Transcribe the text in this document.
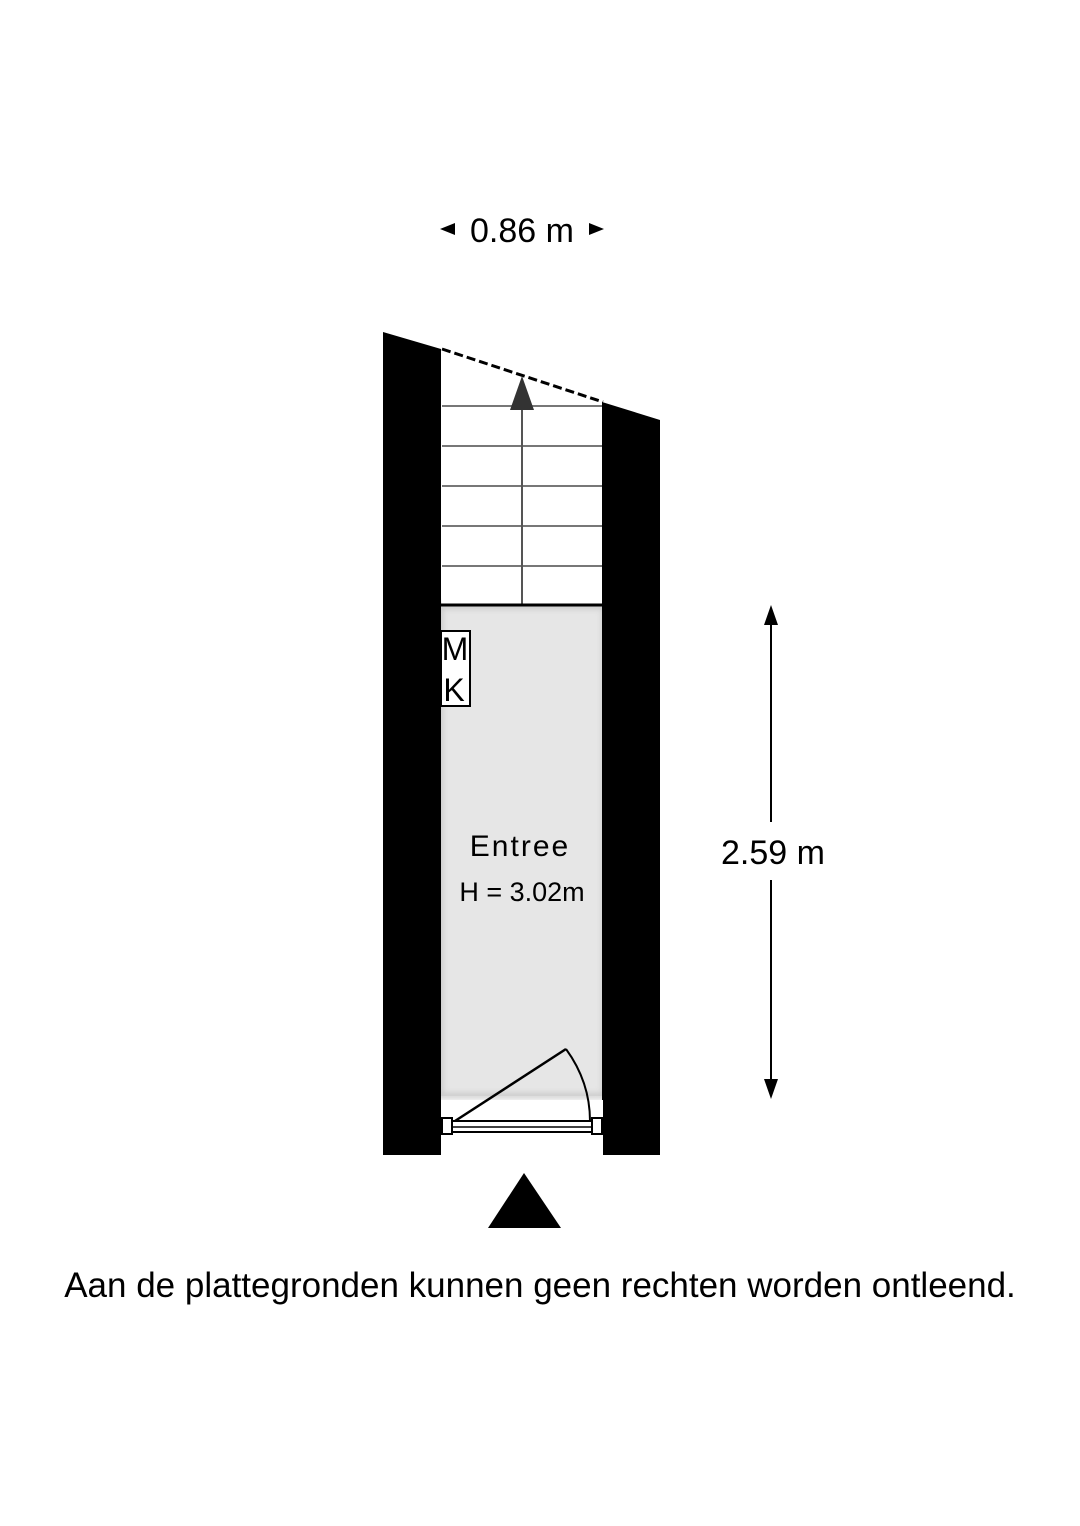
0.86 m
M
K
Entree
H = 3.02m
2.59 m
Aan de plattegronden kunnen geen rechten worden ontleend.
